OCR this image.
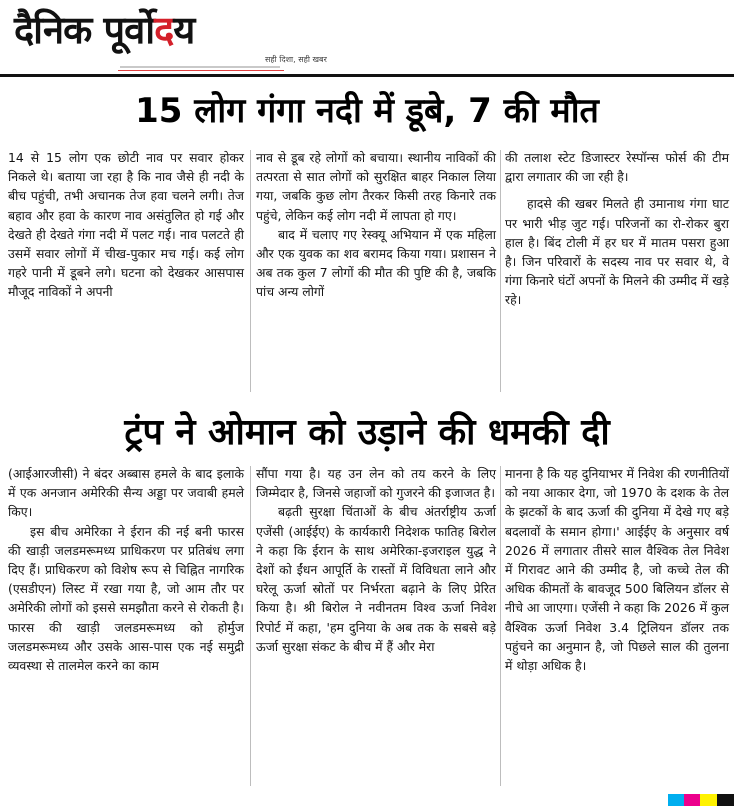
दैनिक पूर्वोदय
सही दिशा, सही खबर
15 लोग गंगा नदी में डूबे, 7 की मौत

14 से 15 लोग एक छोटी नाव पर सवार होकर निकले थे। बताया जा रहा है कि नाव जैसे ही नदी के बीच पहुंची, तभी अचानक तेज हवा चलने लगी। तेज बहाव और हवा के कारण नाव असंतुलित हो गई और देखते ही देखते गंगा नदी में पलट गई। नाव पलटते ही उसमें सवार लोगों में चीख-पुकार मच गई। कई लोग गहरे पानी में डूबने लगे। घटना को देखकर आसपास मौजूद नाविकों ने अपनी

नाव से डूब रहे लोगों को बचाया। स्थानीय नाविकों की तत्परता से सात लोगों को सुरक्षित बाहर निकाल लिया गया, जबकि कुछ लोग तैरकर किसी तरह किनारे तक पहुंचे, लेकिन कई लोग नदी में लापता हो गए।

बाद में चलाए गए रेस्क्यू अभियान में एक महिला और एक युवक का शव बरामद किया गया। प्रशासन ने अब तक कुल 7 लोगों की मौत की पुष्टि की है, जबकि पांच अन्य लोगों

की तलाश स्टेट डिजास्टर रेस्पॉन्स फोर्स की टीम द्वारा लगातार की जा रही है।

हादसे की खबर मिलते ही उमानाथ गंगा घाट पर भारी भीड़ जुट गई। परिजनों का रो-रोकर बुरा हाल है। बिंद टोली में हर घर में मातम पसरा हुआ है। जिन परिवारों के सदस्य नाव पर सवार थे, वे गंगा किनारे घंटों अपनों के मिलने की उम्मीद में खड़े रहे।

ट्रंप ने ओमान को उड़ाने की धमकी दी

(आईआरजीसी) ने बंदर अब्बास हमले के बाद इलाके में एक अनजान अमेरिकी सैन्य अड्डा पर जवाबी हमले किए।

इस बीच अमेरिका ने ईरान की नई बनी फारस की खाड़ी जलडमरूमध्य प्राधिकरण पर प्रतिबंध लगा दिए हैं। प्राधिकरण को विशेष रूप से चिह्नित नागरिक (एसडीएन) लिस्ट में रखा गया है, जो आम तौर पर अमेरिकी लोगों को इससे समझौता करने से रोकती है। फारस की खाड़ी जलडमरूमध्य को होर्मुज जलडमरूमध्य और उसके आस-पास एक नई समुद्री व्यवस्था से तालमेल करने का काम

सौंपा गया है। यह उन लेन को तय करने के लिए जिम्मेदार है, जिनसे जहाजों को गुजरने की इजाजत है।

बढ़ती सुरक्षा चिंताओं के बीच अंतर्राष्ट्रीय ऊर्जा एजेंसी (आईईए) के कार्यकारी निदेशक फातिह बिरोल ने कहा कि ईरान के साथ अमेरिका-इजराइल युद्ध ने देशों को ईंधन आपूर्ति के रास्तों में विविधता लाने और घरेलू ऊर्जा स्रोतों पर निर्भरता बढ़ाने के लिए प्रेरित किया है। श्री बिरोल ने नवीनतम विश्व ऊर्जा निवेश रिपोर्ट में कहा, 'हम दुनिया के अब तक के सबसे बड़े ऊर्जा सुरक्षा संकट के बीच में हैं और मेरा

मानना है कि यह दुनियाभर में निवेश की रणनीतियों को नया आकार देगा, जो 1970 के दशक के तेल के झटकों के बाद ऊर्जा की दुनिया में देखे गए बड़े बदलावों के समान होगा।' आईईए के अनुसार वर्ष 2026 में लगातार तीसरे साल वैश्विक तेल निवेश में गिरावट आने की उम्मीद है, जो कच्चे तेल की अधिक कीमतों के बावजूद 500 बिलियन डॉलर से नीचे आ जाएगा। एजेंसी ने कहा कि 2026 में कुल वैश्विक ऊर्जा निवेश 3.4 ट्रिलियन डॉलर तक पहुंचने का अनुमान है, जो पिछले साल की तुलना में थोड़ा अधिक है।
